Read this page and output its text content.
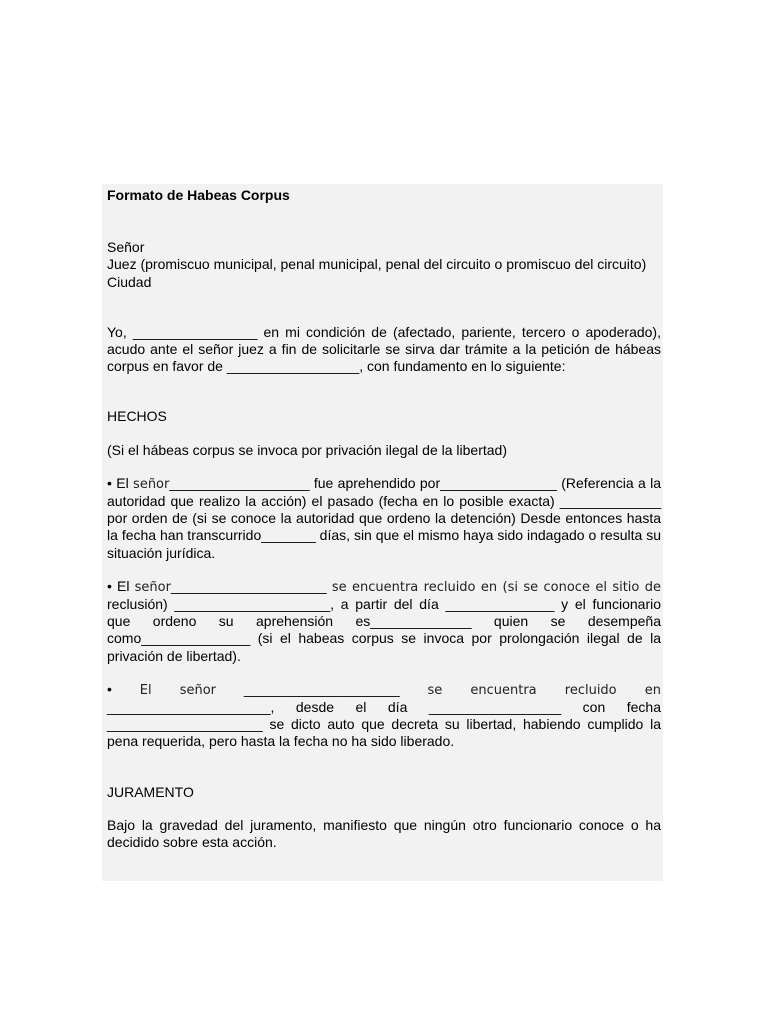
Formato de Habeas Corpus

Señor

Juez (promiscuo municipal, penal municipal, penal del circuito o promiscuo del circuito)

Ciudad

Yo, ________________ en mi condición de (afectado, pariente, tercero o apoderado), acudo ante el señor juez a fin de solicitarle se sirva dar trámite a la petición de hábeas corpus en favor de _________________, con fundamento en lo siguiente:

HECHOS

(Si el hábeas corpus se invoca por privación ilegal de la libertad)

• El señor__________________ fue aprehendido por_______________ (Referencia a la autoridad que realizo la acción) el pasado (fecha en lo posible exacta) _____________ por orden de (si se conoce la autoridad que ordeno la detención) Desde entonces hasta la fecha han transcurrido_______ días, sin que el mismo haya sido indagado o resulta su situación jurídica.

• El señor____________________ se encuentra recluido en (si se conoce el sitio de reclusión) ____________________, a partir del día ______________ y el funcionario que ordeno su aprehensión es_____________ quien se desempeña como______________ (si el habeas corpus se invoca por prolongación ilegal de la privación de libertad).

• El señor ____________________ se encuentra recluido en _____________________, desde el día _________________ con fecha ____________________ se dicto auto que decreta su libertad, habiendo cumplido la pena requerida, pero hasta la fecha no ha sido liberado.

JURAMENTO

Bajo la gravedad del juramento, manifiesto que ningún otro funcionario conoce o ha decidido sobre esta acción.
